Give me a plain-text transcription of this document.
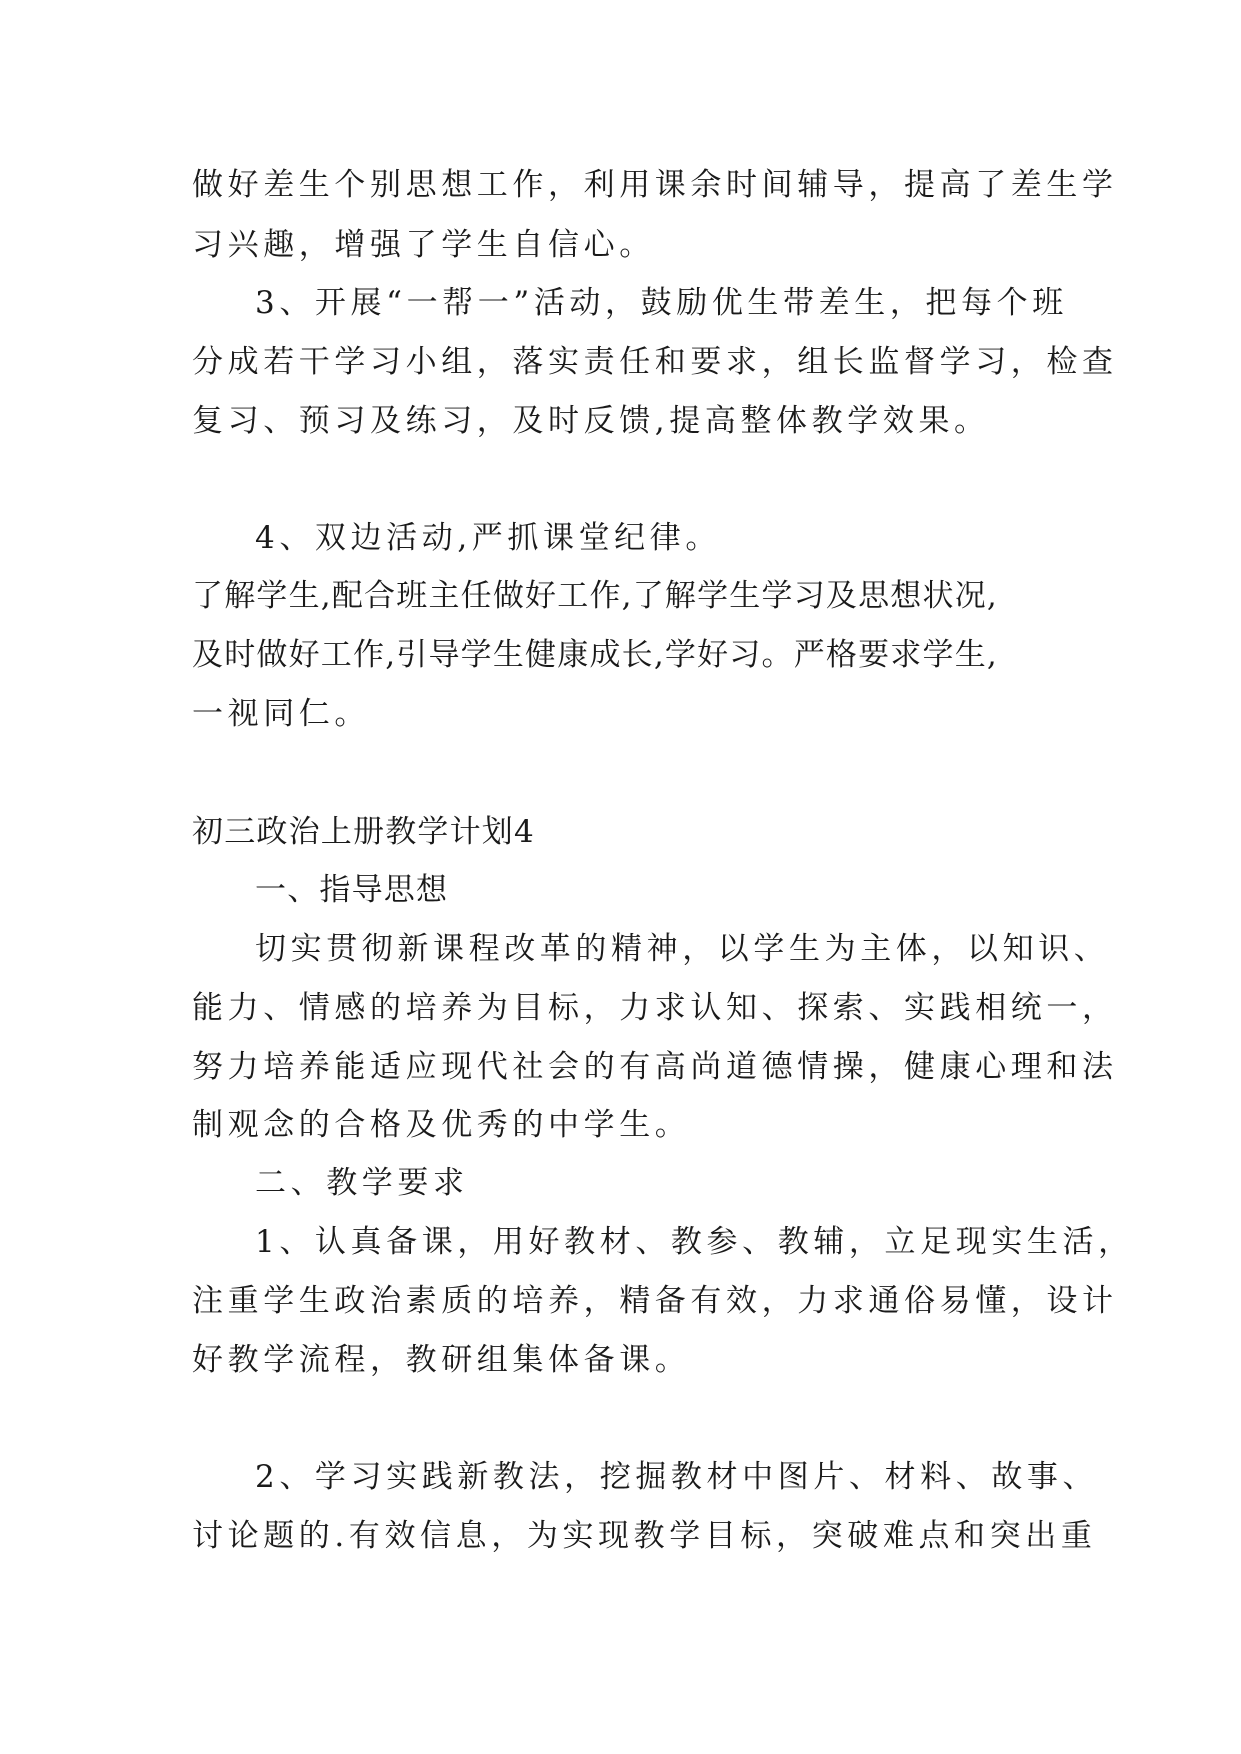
做好差生个别思想工作，利用课余时间辅导，提高了差生学
习兴趣，增强了学生自信心。
3、开展“一帮一”活动，鼓励优生带差生，把每个班
分成若干学习小组，落实责任和要求，组长监督学习，检查
复习、预习及练习，及时反馈,提高整体教学效果。
4、双边活动,严抓课堂纪律。
了解学生,配合班主任做好工作,了解学生学习及思想状况,
及时做好工作,引导学生健康成长,学好习。严格要求学生,
一视同仁。
初三政治上册教学计划4
一、指导思想
切实贯彻新课程改革的精神，以学生为主体，以知识、
能力、情感的培养为目标，力求认知、探索、实践相统一，
努力培养能适应现代社会的有高尚道德情操，健康心理和法
制观念的合格及优秀的中学生。
二、教学要求
1、认真备课，用好教材、教参、教辅，立足现实生活，
注重学生政治素质的培养，精备有效，力求通俗易懂，设计
好教学流程，教研组集体备课。
2、学习实践新教法，挖掘教材中图片、材料、故事、
讨论题的.有效信息，为实现教学目标，突破难点和突出重
